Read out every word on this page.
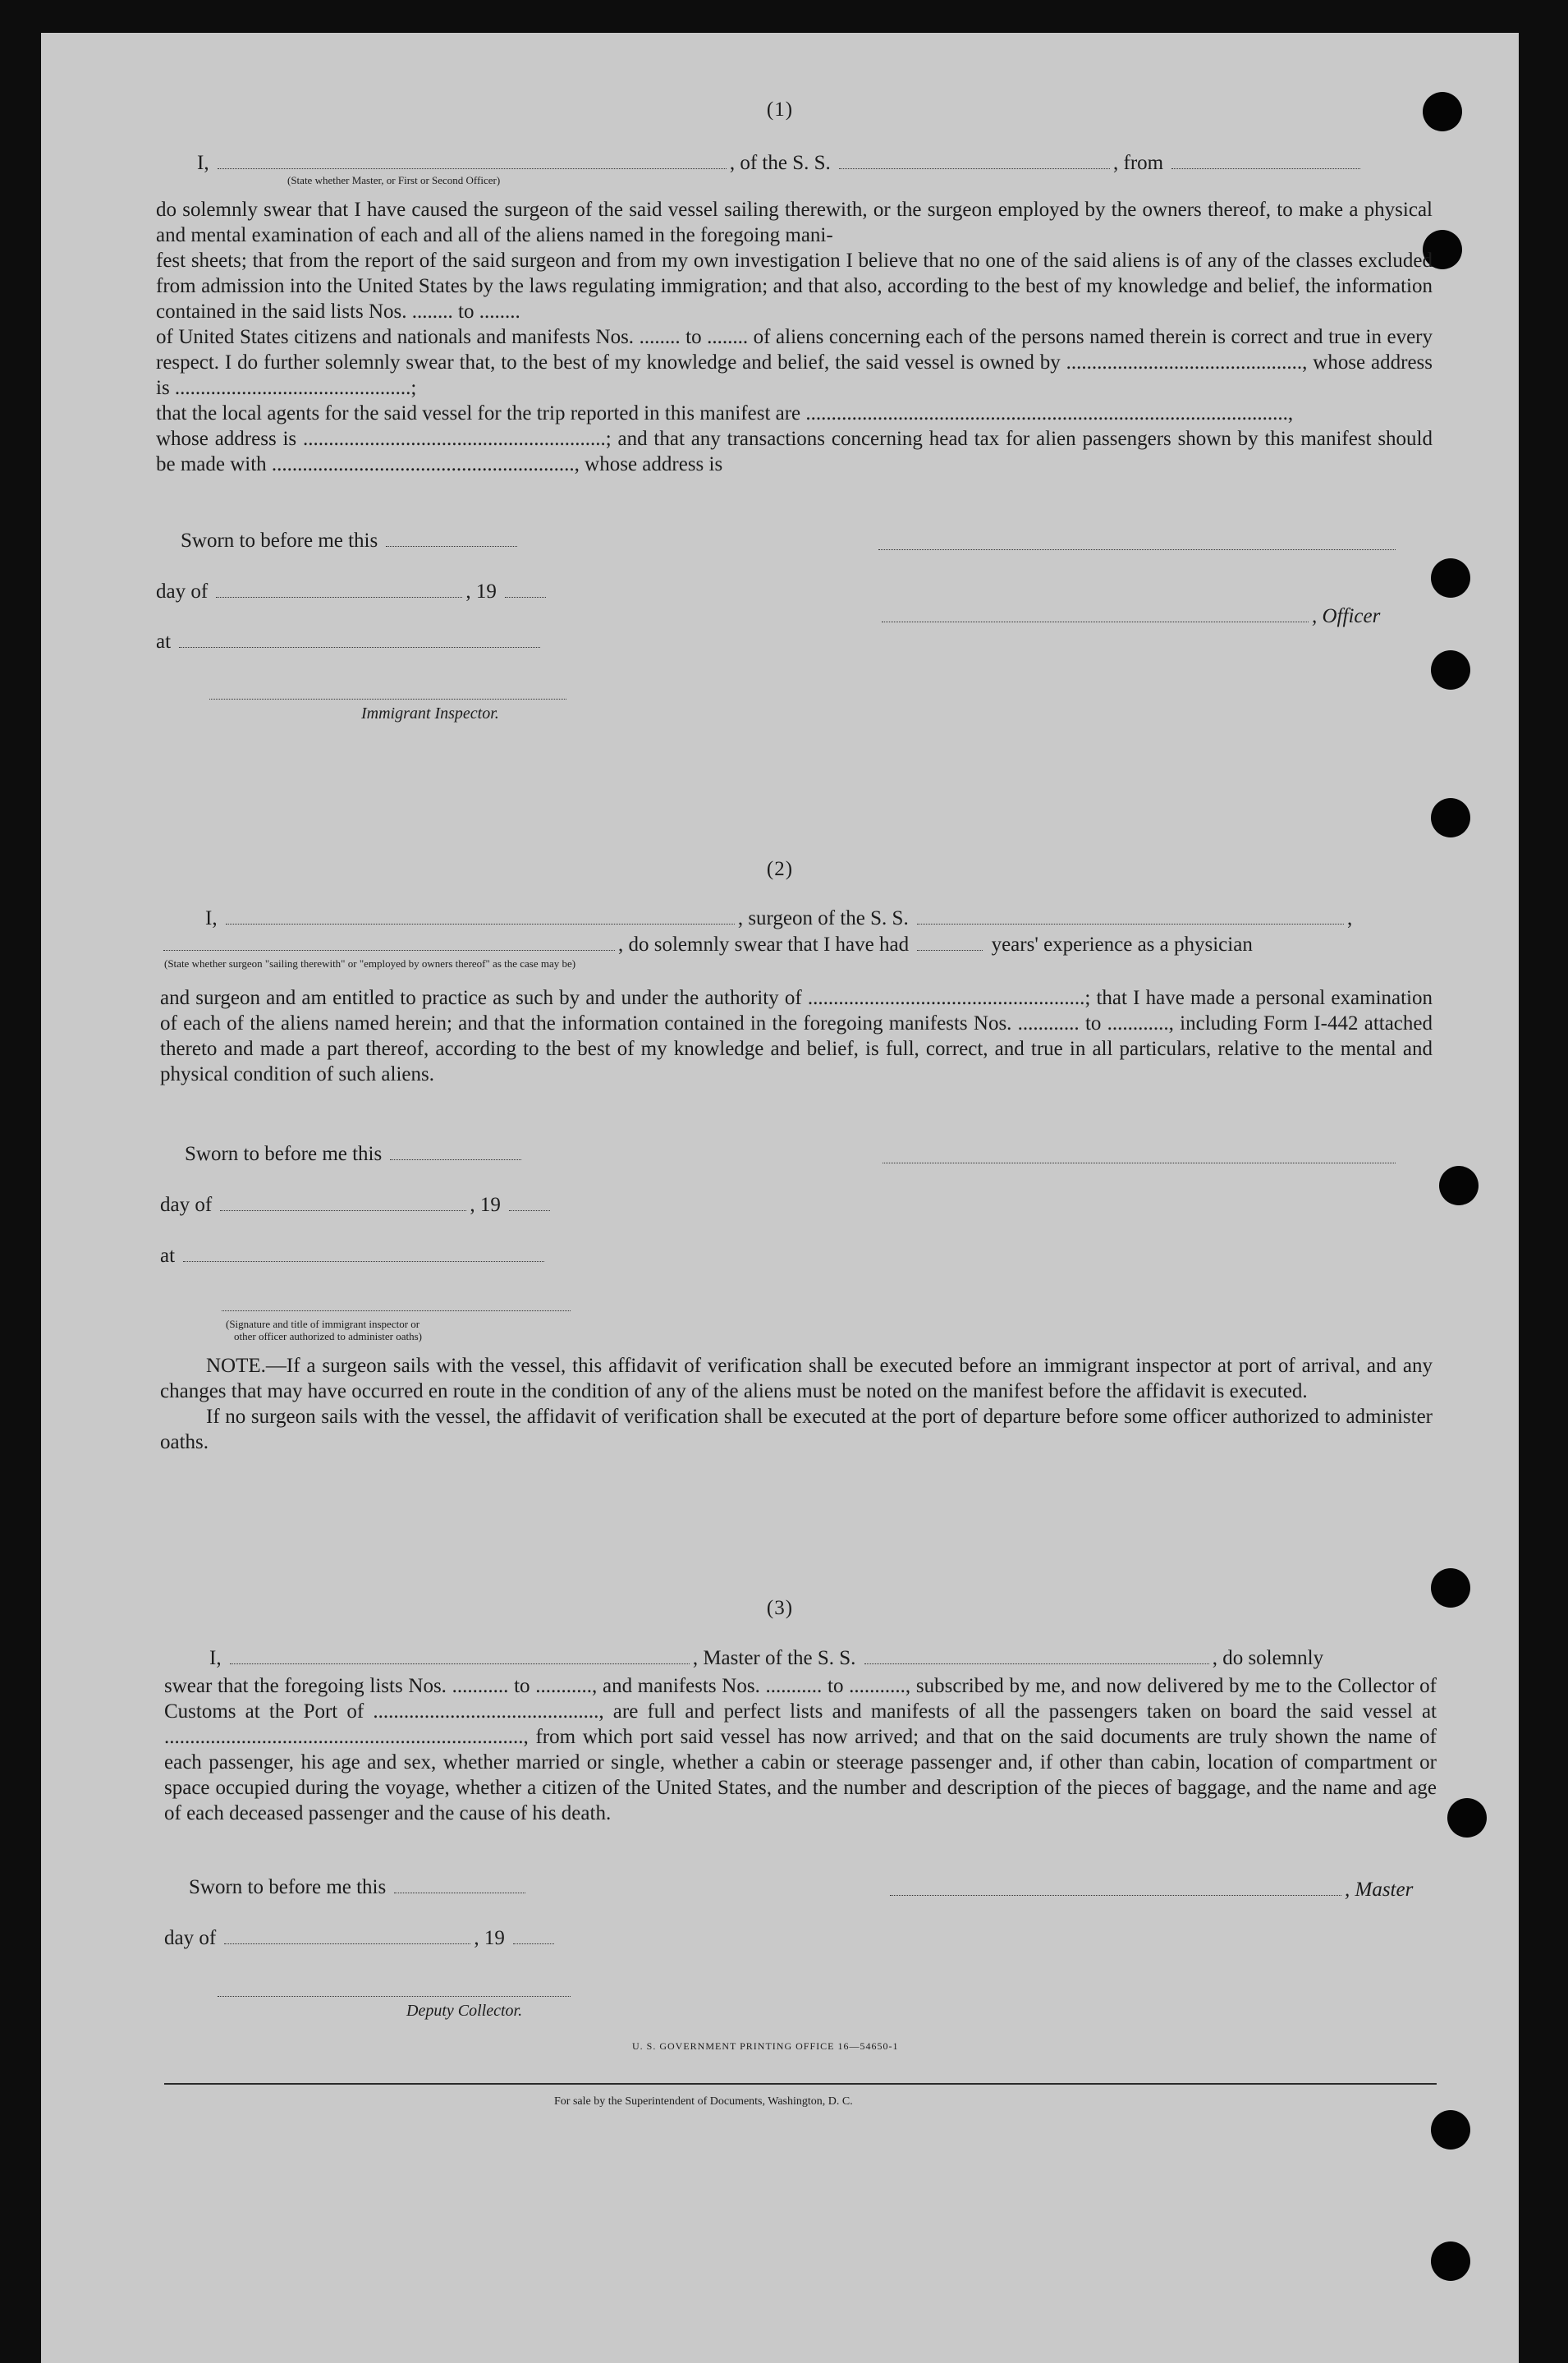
(1)
I,	, of the S. S.	, from
(State whether Master, or First or Second Officer)

do solemnly swear that I have caused the surgeon of the said vessel sailing therewith, or the surgeon employed by the owners thereof, to make a physical and mental examination of each and all of the aliens named in the foregoing mani-

fest sheets; that from the report of the said surgeon and from my own investigation I believe that no one of the said aliens is of any of the classes excluded from admission into the United States by the laws regulating immigration; and that also, according to the best of my knowledge and belief, the information contained in the said lists Nos. ........ to ........

of United States citizens and nationals and manifests Nos. ........ to ........ of aliens concerning each of the persons named therein is correct and true in every respect. I do further solemnly swear that, to the best of my knowledge and belief, the said vessel is owned by .............................................., whose address is ..............................................;

that the local agents for the said vessel for the trip reported in this manifest are ..............................................................................................,

whose address is ...........................................................; and that any transactions concerning head tax for alien passengers shown by this manifest should be made with ..........................................................., whose address is

Sworn to before me this
day of	, 19
, Officer
at
Immigrant Inspector.
(2)
I,	, surgeon of the S. S.	,
, do solemnly swear that I have had	years' experience as a physician
(State whether surgeon "sailing therewith" or "employed by owners thereof" as the case may be)
and surgeon and am entitled to practice as such by and under the authority of ......................................................; that I have made a personal examination of each of the aliens named herein; and that the information contained in the foregoing manifests Nos. ............ to ............, including Form I-442 attached thereto and made a part thereof, according to the best of my knowledge and belief, is full, correct, and true in all particulars, relative to the mental and physical condition of such aliens.
Sworn to before me this
day of	, 19
at
(Signature and title of immigrant inspector or
other officer authorized to administer oaths)

NOTE.—If a surgeon sails with the vessel, this affidavit of verification shall be executed before an immigrant inspector at port of arrival, and any changes that may have occurred en route in the condition of any of the aliens must be noted on the manifest before the affidavit is executed.

If no surgeon sails with the vessel, the affidavit of verification shall be executed at the port of departure before some officer authorized to administer oaths.

(3)
I,	, Master of the S. S.	, do solemnly
swear that the foregoing lists Nos. ........... to ..........., and manifests Nos. ........... to ..........., subscribed by me, and now delivered by me to the Collector of Customs at the Port of ............................................, are full and perfect lists and manifests of all the passengers taken on board the said vessel at ......................................................................, from which port said vessel has now arrived; and that on the said documents are truly shown the name of each passenger, his age and sex, whether married or single, whether a cabin or steerage passenger and, if other than cabin, location of compartment or space occupied during the voyage, whether a citizen of the United States, and the number and description of the pieces of baggage, and the name and age of each deceased passenger and the cause of his death.
Sworn to before me this	, Master
day of	, 19
Deputy Collector.
U. S. GOVERNMENT PRINTING OFFICE 16—54650-1
For sale by the Superintendent of Documents, Washington, D. C.
